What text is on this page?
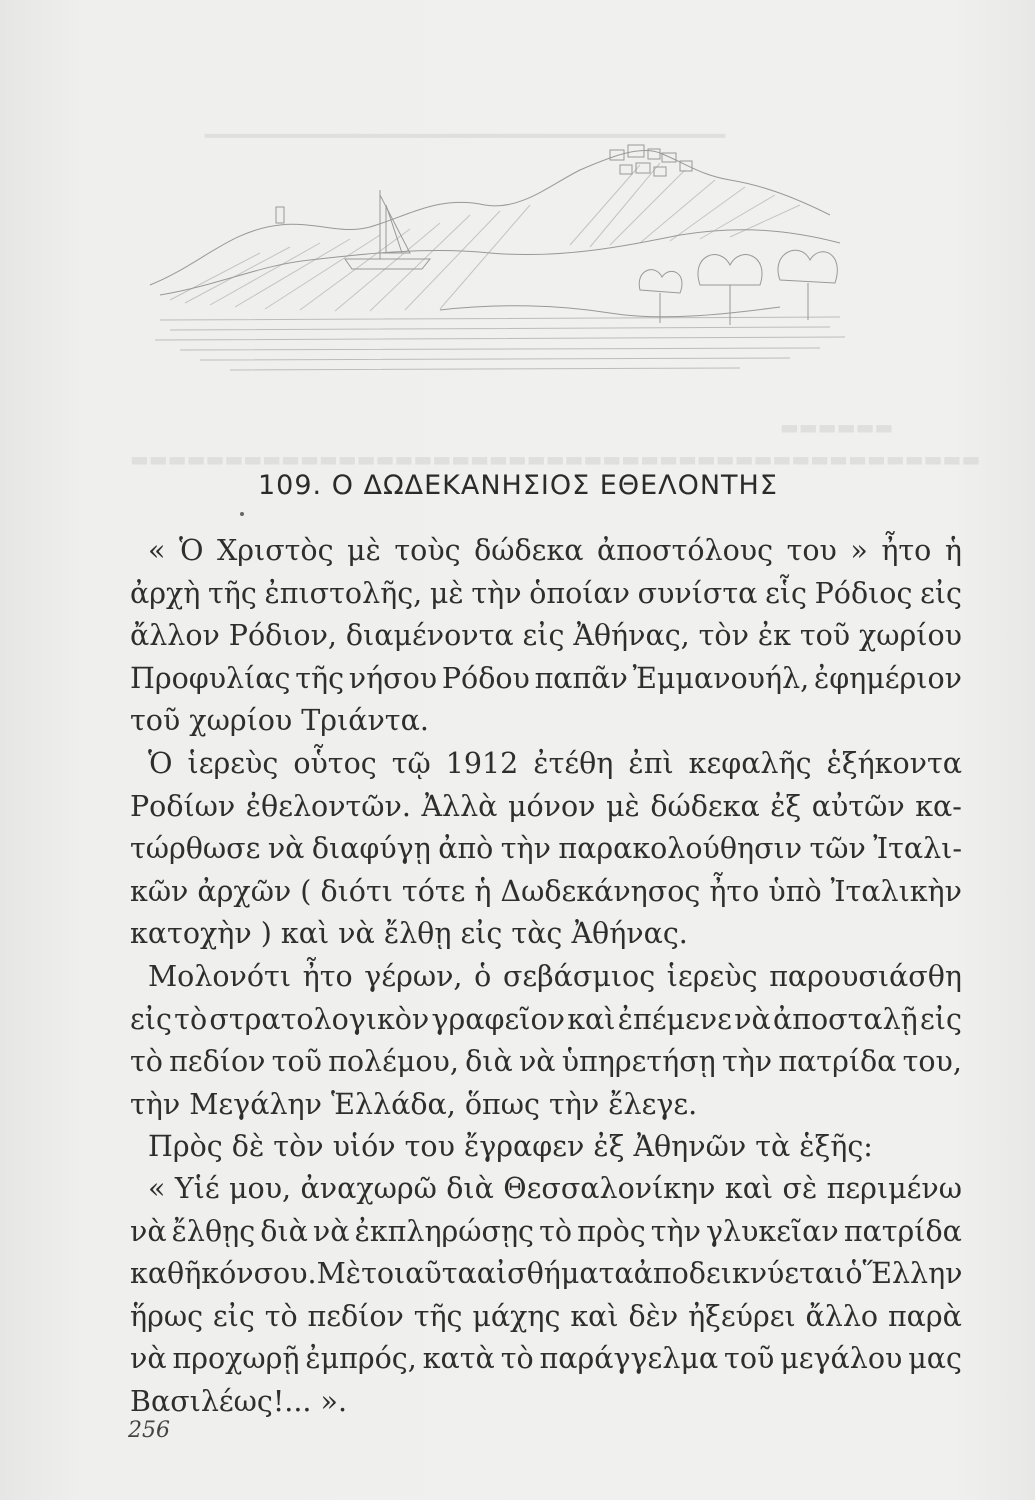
━━━━━━━━━━━━━━━━━━━━━━━━━━━━━━━━━━━━
▬▬▬▬▬▬
▬▬▬▬▬▬▬▬▬▬▬▬▬▬▬▬▬▬▬▬▬▬▬▬▬▬▬▬▬▬▬▬▬▬▬▬▬▬▬▬▬▬▬▬▬
109. Ο ΔΩΔΕΚΑΝΗΣΙΟΣ ΕΘΕΛΟΝΤΗΣ
« Ὁ Χριστὸς μὲ τοὺς δώδεκα ἀποστόλους του » ἦτο ἡ
ἀρχὴ τῆς ἐπιστολῆς, μὲ τὴν ὁποίαν συνίστα εἷς Ρόδιος εἰς
ἄλλον Ρόδιον, διαμένοντα εἰς Ἀθήνας, τὸν ἐκ τοῦ χωρίου
Προφυλίας τῆς νήσου Ρόδου παπᾶν Ἐμμανουήλ, ἐφημέριον
τοῦ χωρίου Τριάντα.
Ὁ ἱερεὺς οὗτος τῷ 1912 ἐτέθη ἐπὶ κεφαλῆς ἑξήκοντα
Ροδίων ἐθελοντῶν. Ἀλλὰ μόνον μὲ δώδεκα ἐξ αὐτῶν κα-
τώρθωσε νὰ διαφύγῃ ἀπὸ τὴν παρακολούθησιν τῶν Ἰταλι-
κῶν ἀρχῶν ( διότι τότε ἡ Δωδεκάνησος ἦτο ὑπὸ Ἰταλικὴν
κατοχὴν ) καὶ νὰ ἔλθῃ εἰς τὰς Ἀθήνας.
Μολονότι ἦτο γέρων, ὁ σεβάσμιος ἱερεὺς παρουσιάσθη
εἰς τὸ στρατολογικὸν γραφεῖον καὶ ἐπέμενε νὰ ἀποσταλῇ εἰς
τὸ πεδίον τοῦ πολέμου, διὰ νὰ ὑπηρετήσῃ τὴν πατρίδα του,
τὴν Μεγάλην Ἑλλάδα, ὅπως τὴν ἔλεγε.
Πρὸς δὲ τὸν υἱόν του ἔγραφεν ἐξ Ἀθηνῶν τὰ ἑξῆς:
« Υἱέ μου, ἀναχωρῶ διὰ Θεσσαλονίκην καὶ σὲ περιμένω
νὰ ἔλθῃς διὰ νὰ ἐκπληρώσῃς τὸ πρὸς τὴν γλυκεῖαν πατρίδα
καθῆκόν σου. Μὲ τοιαῦτα αἰσθήματα ἀποδεικνύεται ὁ Ἕλλην
ἥρως εἰς τὸ πεδίον τῆς μάχης καὶ δὲν ἠξεύρει ἄλλο παρὰ
νὰ προχωρῇ ἐμπρός, κατὰ τὸ παράγγελμα τοῦ μεγάλου μας
Βασιλέως!... ».
256
